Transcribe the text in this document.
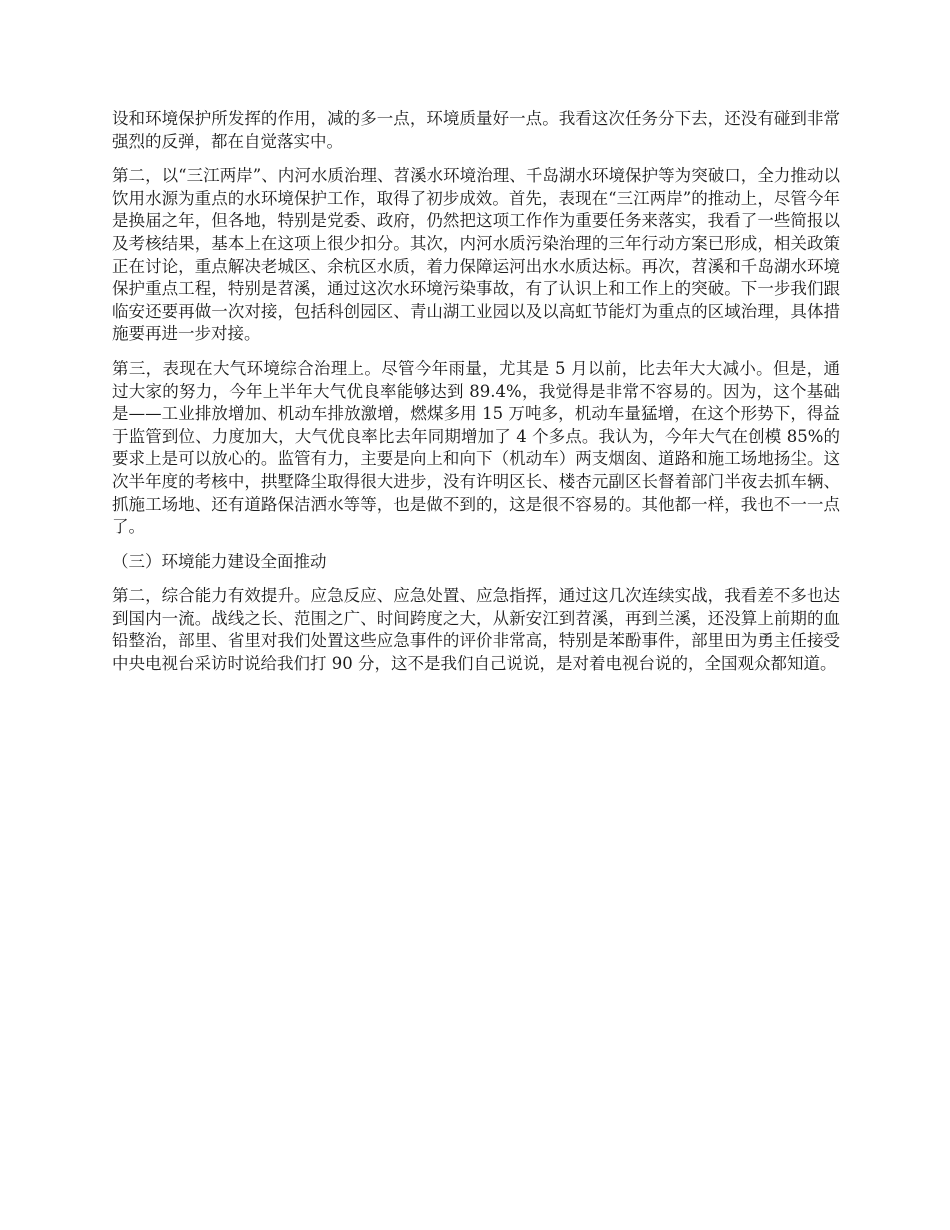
设和环境保护所发挥的作用，减的多一点，环境质量好一点。我看这次任务分下去，还没有碰到非常强烈的反弹，都在自觉落实中。

第二，以“三江两岸”、内河水质治理、苕溪水环境治理、千岛湖水环境保护等为突破口，全力推动以饮用水源为重点的水环境保护工作，取得了初步成效。首先，表现在“三江两岸”的推动上，尽管今年是换届之年，但各地，特别是党委、政府，仍然把这项工作作为重要任务来落实，我看了一些简报以及考核结果，基本上在这项上很少扣分。其次，内河水质污染治理的三年行动方案已形成，相关政策正在讨论，重点解决老城区、余杭区水质，着力保障运河出水水质达标。再次，苕溪和千岛湖水环境保护重点工程，特别是苕溪，通过这次水环境污染事故，有了认识上和工作上的突破。下一步我们跟临安还要再做一次对接，包括科创园区、青山湖工业园以及以高虹节能灯为重点的区域治理，具体措施要再进一步对接。

第三，表现在大气环境综合治理上。尽管今年雨量，尤其是 5 月以前，比去年大大减小。但是，通过大家的努力，今年上半年大气优良率能够达到 89.4%，我觉得是非常不容易的。因为，这个基础是——工业排放增加、机动车排放激增，燃煤多用 15 万吨多，机动车量猛增，在这个形势下，得益于监管到位、力度加大，大气优良率比去年同期增加了 4 个多点。我认为，今年大气在创模 85%的要求上是可以放心的。监管有力，主要是向上和向下（机动车）两支烟囱、道路和施工场地扬尘。这次半年度的考核中，拱墅降尘取得很大进步，没有许明区长、楼杏元副区长督着部门半夜去抓车辆、抓施工场地、还有道路保洁洒水等等，也是做不到的，这是很不容易的。其他都一样，我也不一一点了。

（三）环境能力建设全面推动

第二，综合能力有效提升。应急反应、应急处置、应急指挥，通过这几次连续实战，我看差不多也达到国内一流。战线之长、范围之广、时间跨度之大，从新安江到苕溪，再到兰溪，还没算上前期的血铅整治，部里、省里对我们处置这些应急事件的评价非常高，特别是苯酚事件，部里田为勇主任接受中央电视台采访时说给我们打 90 分，这不是我们自己说说，是对着电视台说的，全国观众都知道。
